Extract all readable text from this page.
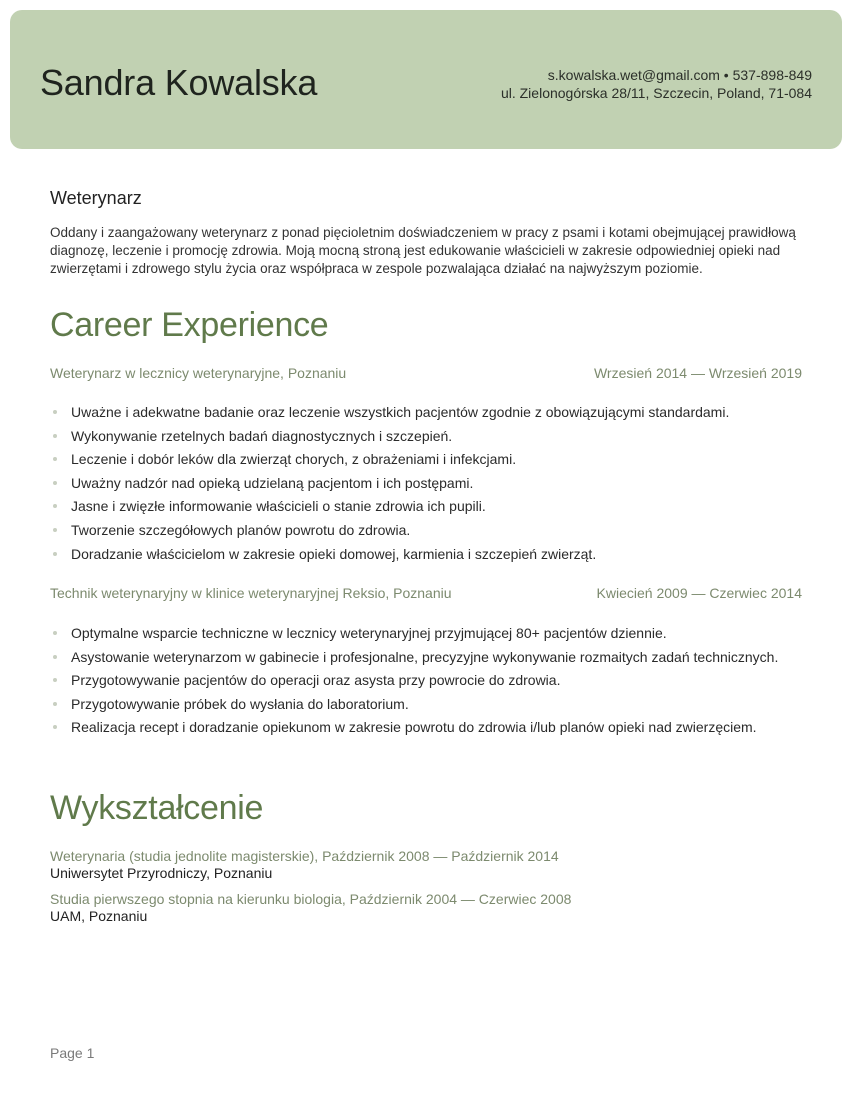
Sandra Kowalska	s.kowalska.wet@gmail.com • 537-898-849
ul. Zielonogórska 28/11, Szczecin, Poland, 71-084
Weterynarz
Oddany i zaangażowany weterynarz z ponad pięcioletnim doświadczeniem w pracy z psami i kotami obejmującej prawidłową diagnozę, leczenie i promocję zdrowia. Moją mocną stroną jest edukowanie właścicieli w zakresie odpowiedniej opieki nad zwierzętami i zdrowego stylu życia oraz współpraca w zespole pozwalająca działać na najwyższym poziomie.
Career Experience
Weterynarz w lecznicy weterynaryjne, Poznaniu	Wrzesień 2014 — Wrzesień 2019
Uważne i adekwatne badanie oraz leczenie wszystkich pacjentów zgodnie z obowiązującymi standardami.
Wykonywanie rzetelnych badań diagnostycznych i szczepień.
Leczenie i dobór leków dla zwierząt chorych, z obrażeniami i infekcjami.
Uważny nadzór nad opieką udzielaną pacjentom i ich postępami.
Jasne i zwięzłe informowanie właścicieli o stanie zdrowia ich pupili.
Tworzenie szczegółowych planów powrotu do zdrowia.
Doradzanie właścicielom w zakresie opieki domowej, karmienia i szczepień zwierząt.
Technik weterynaryjny w klinice weterynaryjnej Reksio, Poznaniu	Kwiecień 2009 — Czerwiec 2014
Optymalne wsparcie techniczne w lecznicy weterynaryjnej przyjmującej 80+ pacjentów dziennie.
Asystowanie weterynarzom w gabinecie i profesjonalne, precyzyjne wykonywanie rozmaitych zadań technicznych.
Przygotowywanie pacjentów do operacji oraz asysta przy powrocie do zdrowia.
Przygotowywanie próbek do wysłania do laboratorium.
Realizacja recept i doradzanie opiekunom w zakresie powrotu do zdrowia i/lub planów opieki nad zwierzęciem.
Wykształcenie
Weterynaria (studia jednolite magisterskie), Październik 2008 — Październik 2014
Uniwersytet Przyrodniczy, Poznaniu
Studia pierwszego stopnia na kierunku biologia, Październik 2004 — Czerwiec 2008
UAM, Poznaniu
Page 1
